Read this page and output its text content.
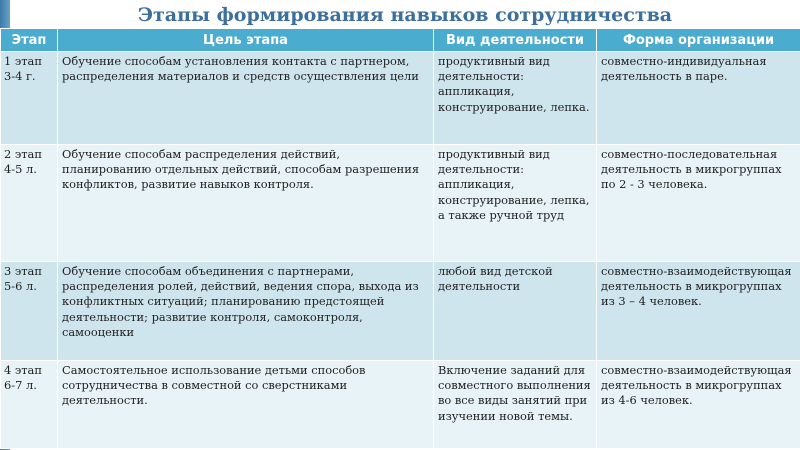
Этапы формирования навыков сотрудничества
Этап	Цель этапа	Вид деятельности	Форма организации
1 этап 3-4 г.	Обучение способам установления контакта с партнером, распределения материалов и средств осуществления цели	продуктивный вид деятельности: аппликация, конструирование, лепка.	совместно-индивидуальная деятельность в паре.
2 этап 4-5 л.	Обучение способам распределения действий, планированию отдельных действий, способам разрешения конфликтов, развитие навыков контроля.	продуктивный вид деятельности: аппликация, конструирование, лепка, а также ручной труд	совместно-последовательная деятельность в микрогруппах по 2 - 3 человека.
3 этап 5-6 л.	Обучение способам объединения с партнерами, распределения ролей, действий, ведения спора, выхода из конфликтных ситуаций; планированию предстоящей деятельности; развитие контроля, самоконтроля, самооценки	любой вид детской деятельности	совместно-взаимодействующая деятельность в микрогруппах из 3 – 4 человек.
4 этап 6-7 л.	Самостоятельное использование детьми способов сотрудничества в совместной со сверстниками деятельности.	Включение заданий для совместного выполнения во все виды занятий при изучении новой темы.	совместно-взаимодействующая деятельность в микрогруппах из 4-6 человек.
